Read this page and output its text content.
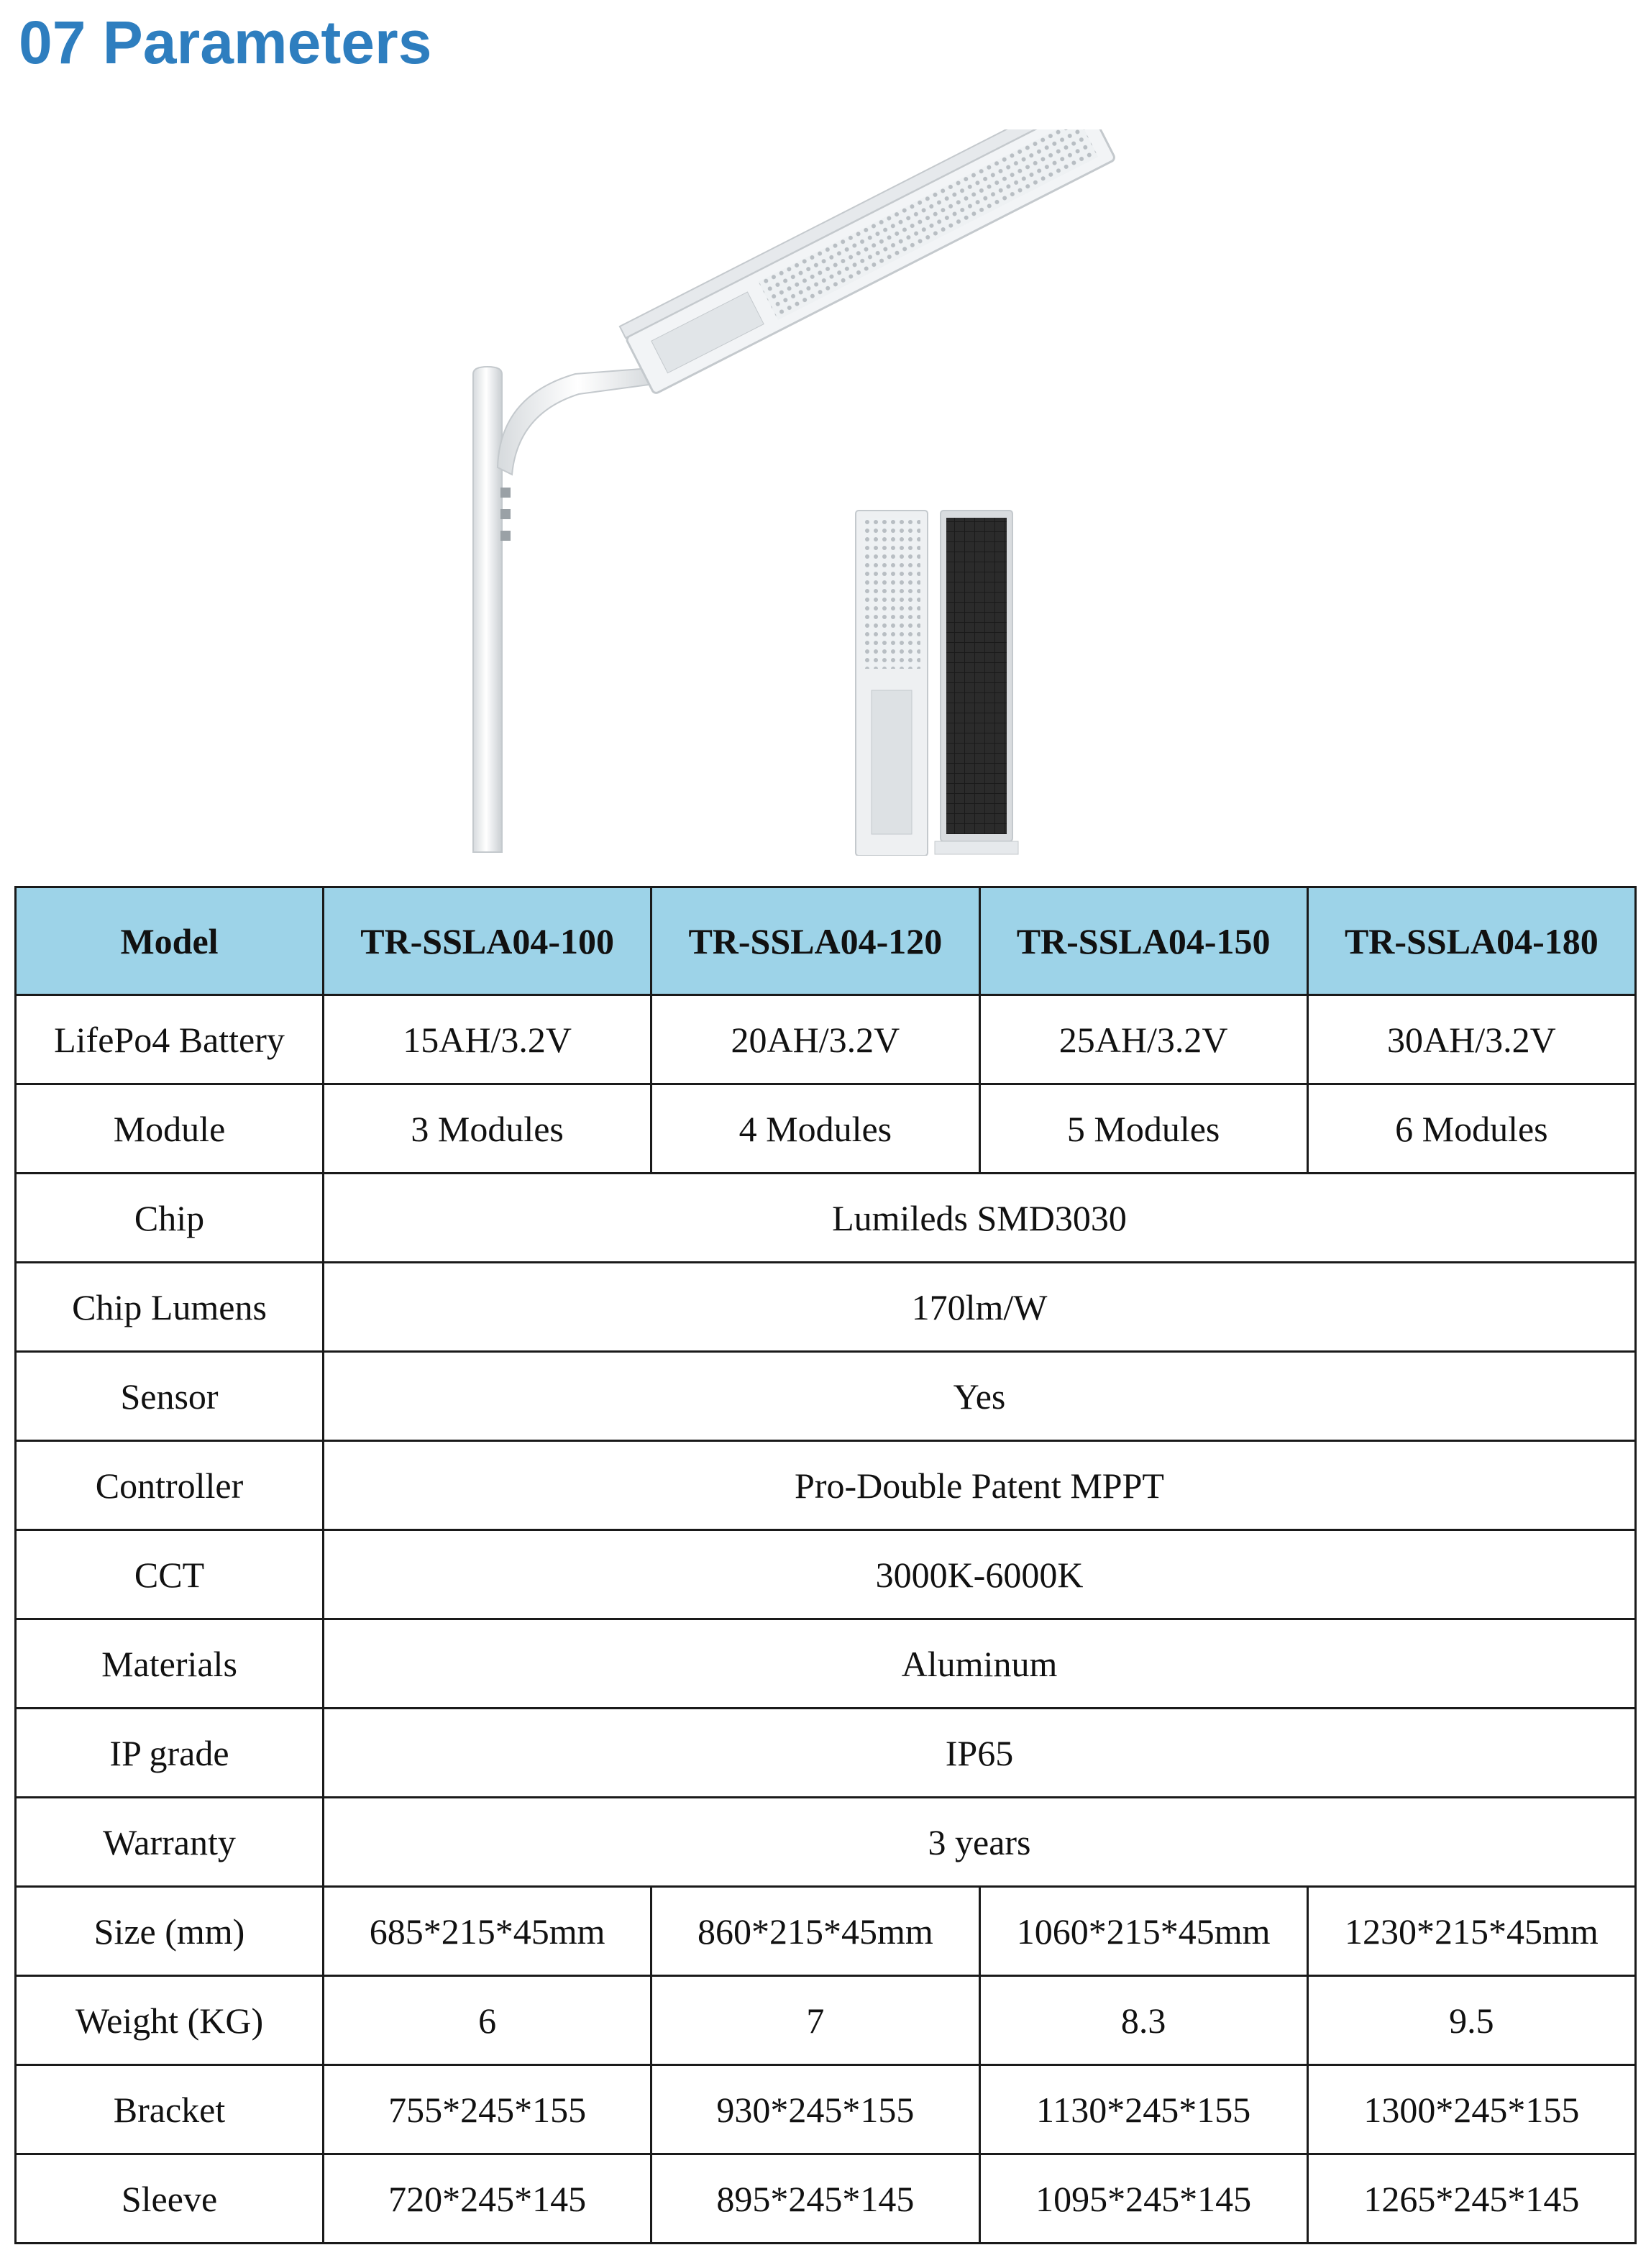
07 Parameters
Model	TR-SSLA04-100	TR-SSLA04-120	TR-SSLA04-150	TR-SSLA04-180
LifePo4 Battery	15AH/3.2V	20AH/3.2V	25AH/3.2V	30AH/3.2V
Module	3 Modules	4 Modules	5 Modules	6 Modules
Chip	Lumileds SMD3030			
Chip Lumens	170lm/W			
Sensor	Yes			
Controller	Pro-Double Patent MPPT			
CCT	3000K-6000K			
Materials	Aluminum			
IP grade	IP65			
Warranty	3 years			
Size (mm)	685*215*45mm	860*215*45mm	1060*215*45mm	1230*215*45mm
Weight (KG)	6	7	8.3	9.5
Bracket	755*245*155	930*245*155	1130*245*155	1300*245*155
Sleeve	720*245*145	895*245*145	1095*245*145	1265*245*145
